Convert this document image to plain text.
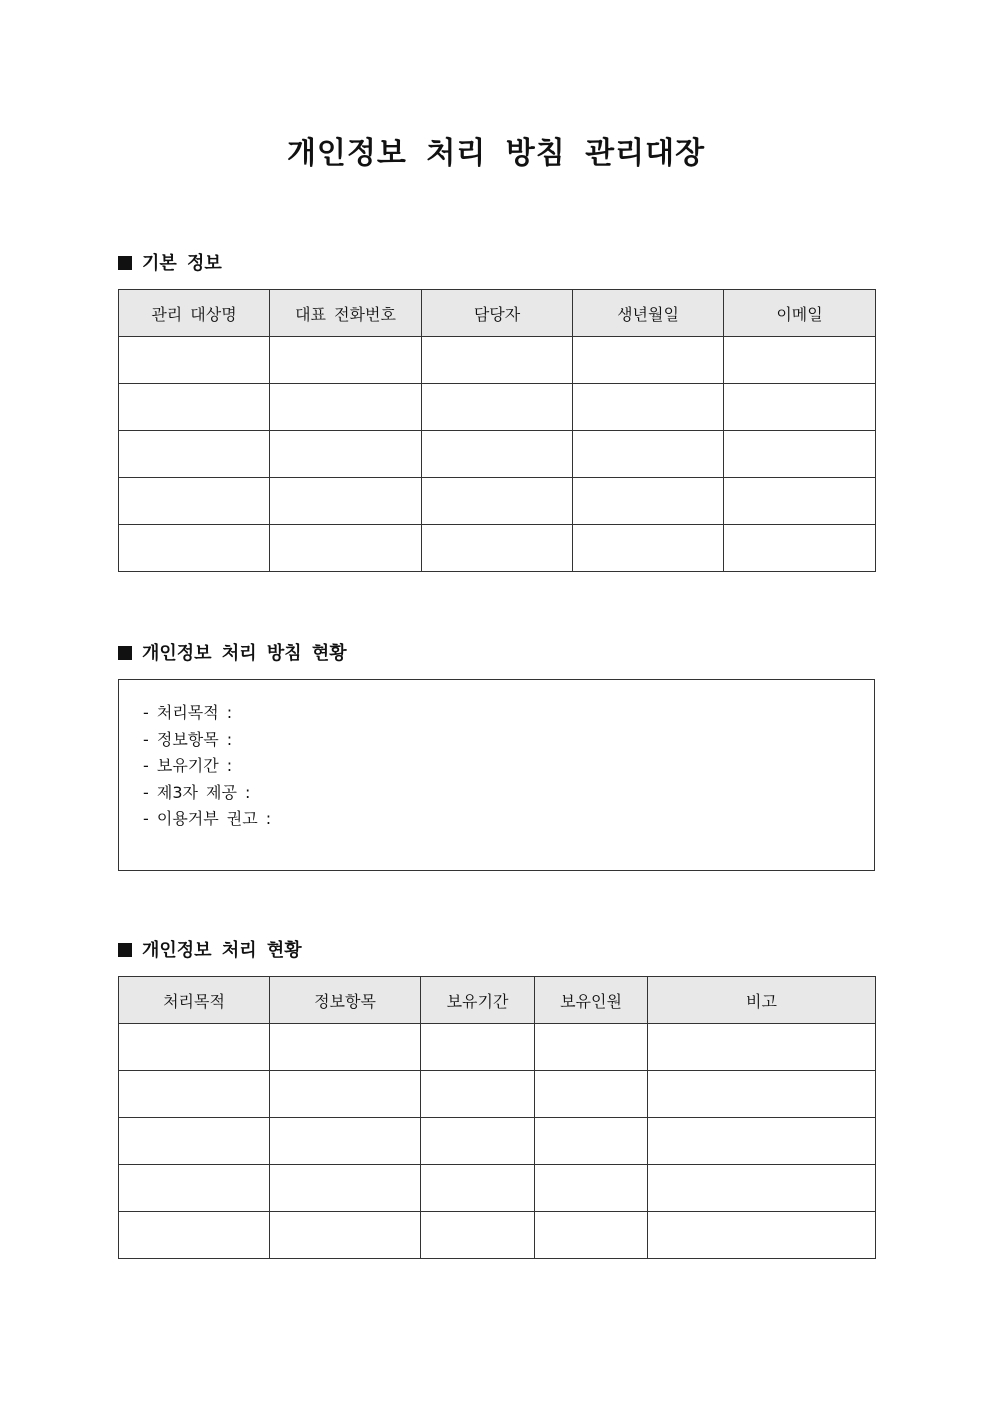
개인정보 처리 방침 관리대장
기본 정보
관리 대상명	대표 전화번호	담당자	생년월일	이메일

개인정보 처리 방침 현황
- 처리목적 :
- 정보항목 :
- 보유기간 :
- 제3자 제공 :
- 이용거부 권고 :
개인정보 처리 현황
처리목적	정보항목	보유기간	보유인원	비고
